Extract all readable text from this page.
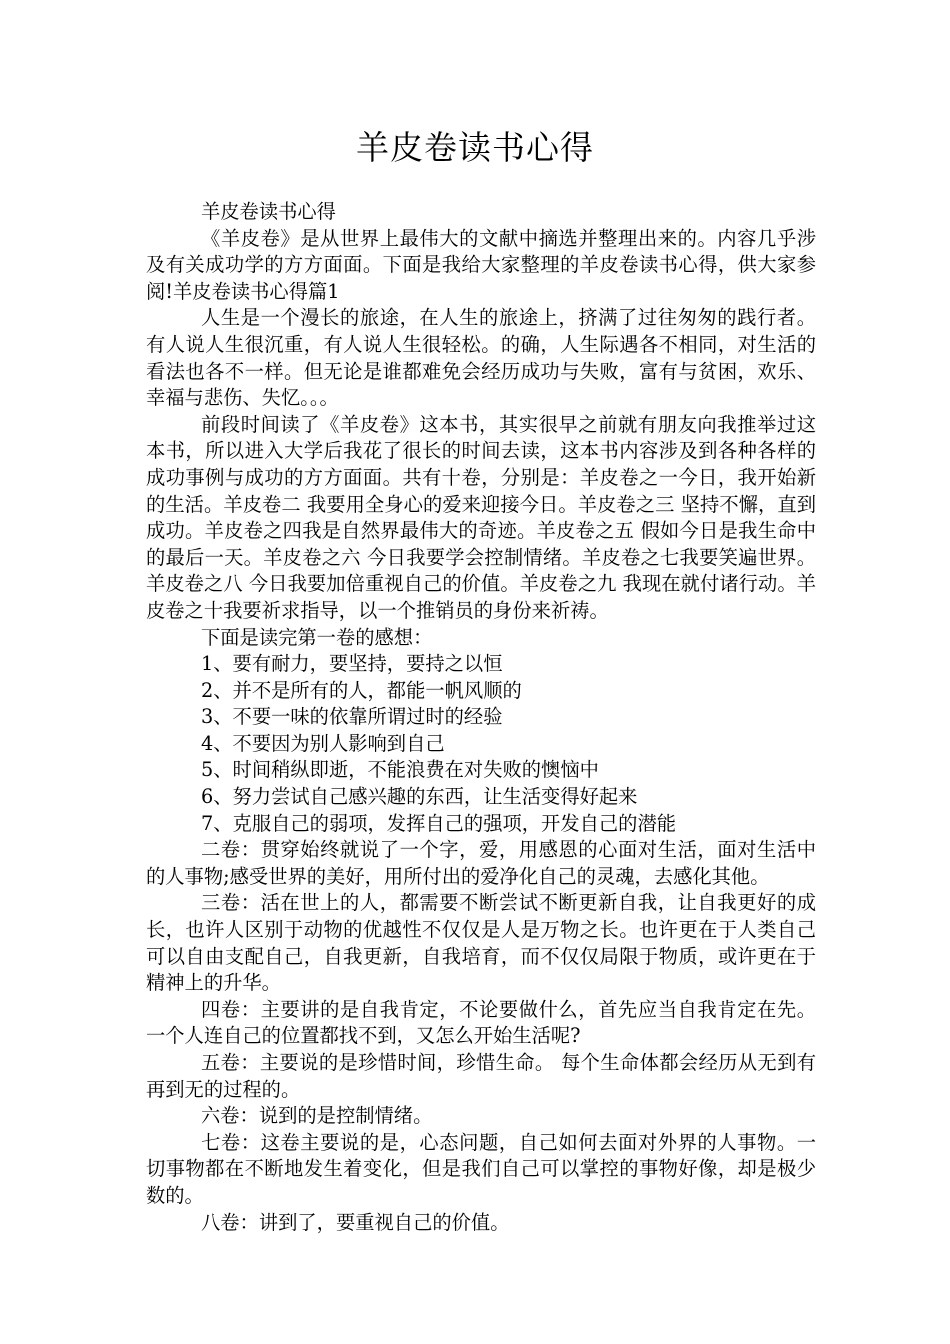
羊皮卷读书心得

羊皮卷读书心得

《羊皮卷》是从世界上最伟大的文献中摘选并整理出来的。内容几乎涉及有关成功学的方方面面。下面是我给大家整理的羊皮卷读书心得，供大家参阅!羊皮卷读书心得篇1

人生是一个漫长的旅途，在人生的旅途上，挤满了过往匆匆的践行者。有人说人生很沉重，有人说人生很轻松。的确，人生际遇各不相同，对生活的看法也各不一样。但无论是谁都难免会经历成功与失败，富有与贫困，欢乐、幸福与悲伤、失忆。。。

前段时间读了《羊皮卷》这本书，其实很早之前就有朋友向我推举过这本书，所以进入大学后我花了很长的时间去读，这本书内容涉及到各种各样的成功事例与成功的方方面面。共有十卷，分别是：羊皮卷之一今日，我开始新的生活。羊皮卷二 我要用全身心的爱来迎接今日。羊皮卷之三 坚持不懈，直到成功。羊皮卷之四我是自然界最伟大的奇迹。羊皮卷之五 假如今日是我生命中的最后一天。羊皮卷之六 今日我要学会控制情绪。羊皮卷之七我要笑遍世界。羊皮卷之八 今日我要加倍重视自己的价值。羊皮卷之九 我现在就付诸行动。羊皮卷之十我要祈求指导，以一个推销员的身份来祈祷。

下面是读完第一卷的感想：

1、要有耐力，要坚持，要持之以恒

2、并不是所有的人，都能一帆风顺的

3、不要一味的依靠所谓过时的经验

4、不要因为别人影响到自己

5、时间稍纵即逝，不能浪费在对失败的懊恼中

6、努力尝试自己感兴趣的东西，让生活变得好起来

7、克服自己的弱项，发挥自己的强项，开发自己的潜能

二卷：贯穿始终就说了一个字，爱，用感恩的心面对生活，面对生活中的人事物;感受世界的美好，用所付出的爱净化自己的灵魂，去感化其他。

三卷：活在世上的人，都需要不断尝试不断更新自我，让自我更好的成长，也许人区别于动物的优越性不仅仅是人是万物之长。也许更在于人类自己可以自由支配自己，自我更新，自我培育，而不仅仅局限于物质，或许更在于精神上的升华。

四卷：主要讲的是自我肯定，不论要做什么，首先应当自我肯定在先。一个人连自己的位置都找不到，又怎么开始生活呢?

五卷：主要说的是珍惜时间，珍惜生命。 每个生命体都会经历从无到有再到无的过程的。

六卷：说到的是控制情绪。

七卷：这卷主要说的是，心态问题，自己如何去面对外界的人事物。一切事物都在不断地发生着变化，但是我们自己可以掌控的事物好像，却是极少数的。

八卷：讲到了，要重视自己的价值。
